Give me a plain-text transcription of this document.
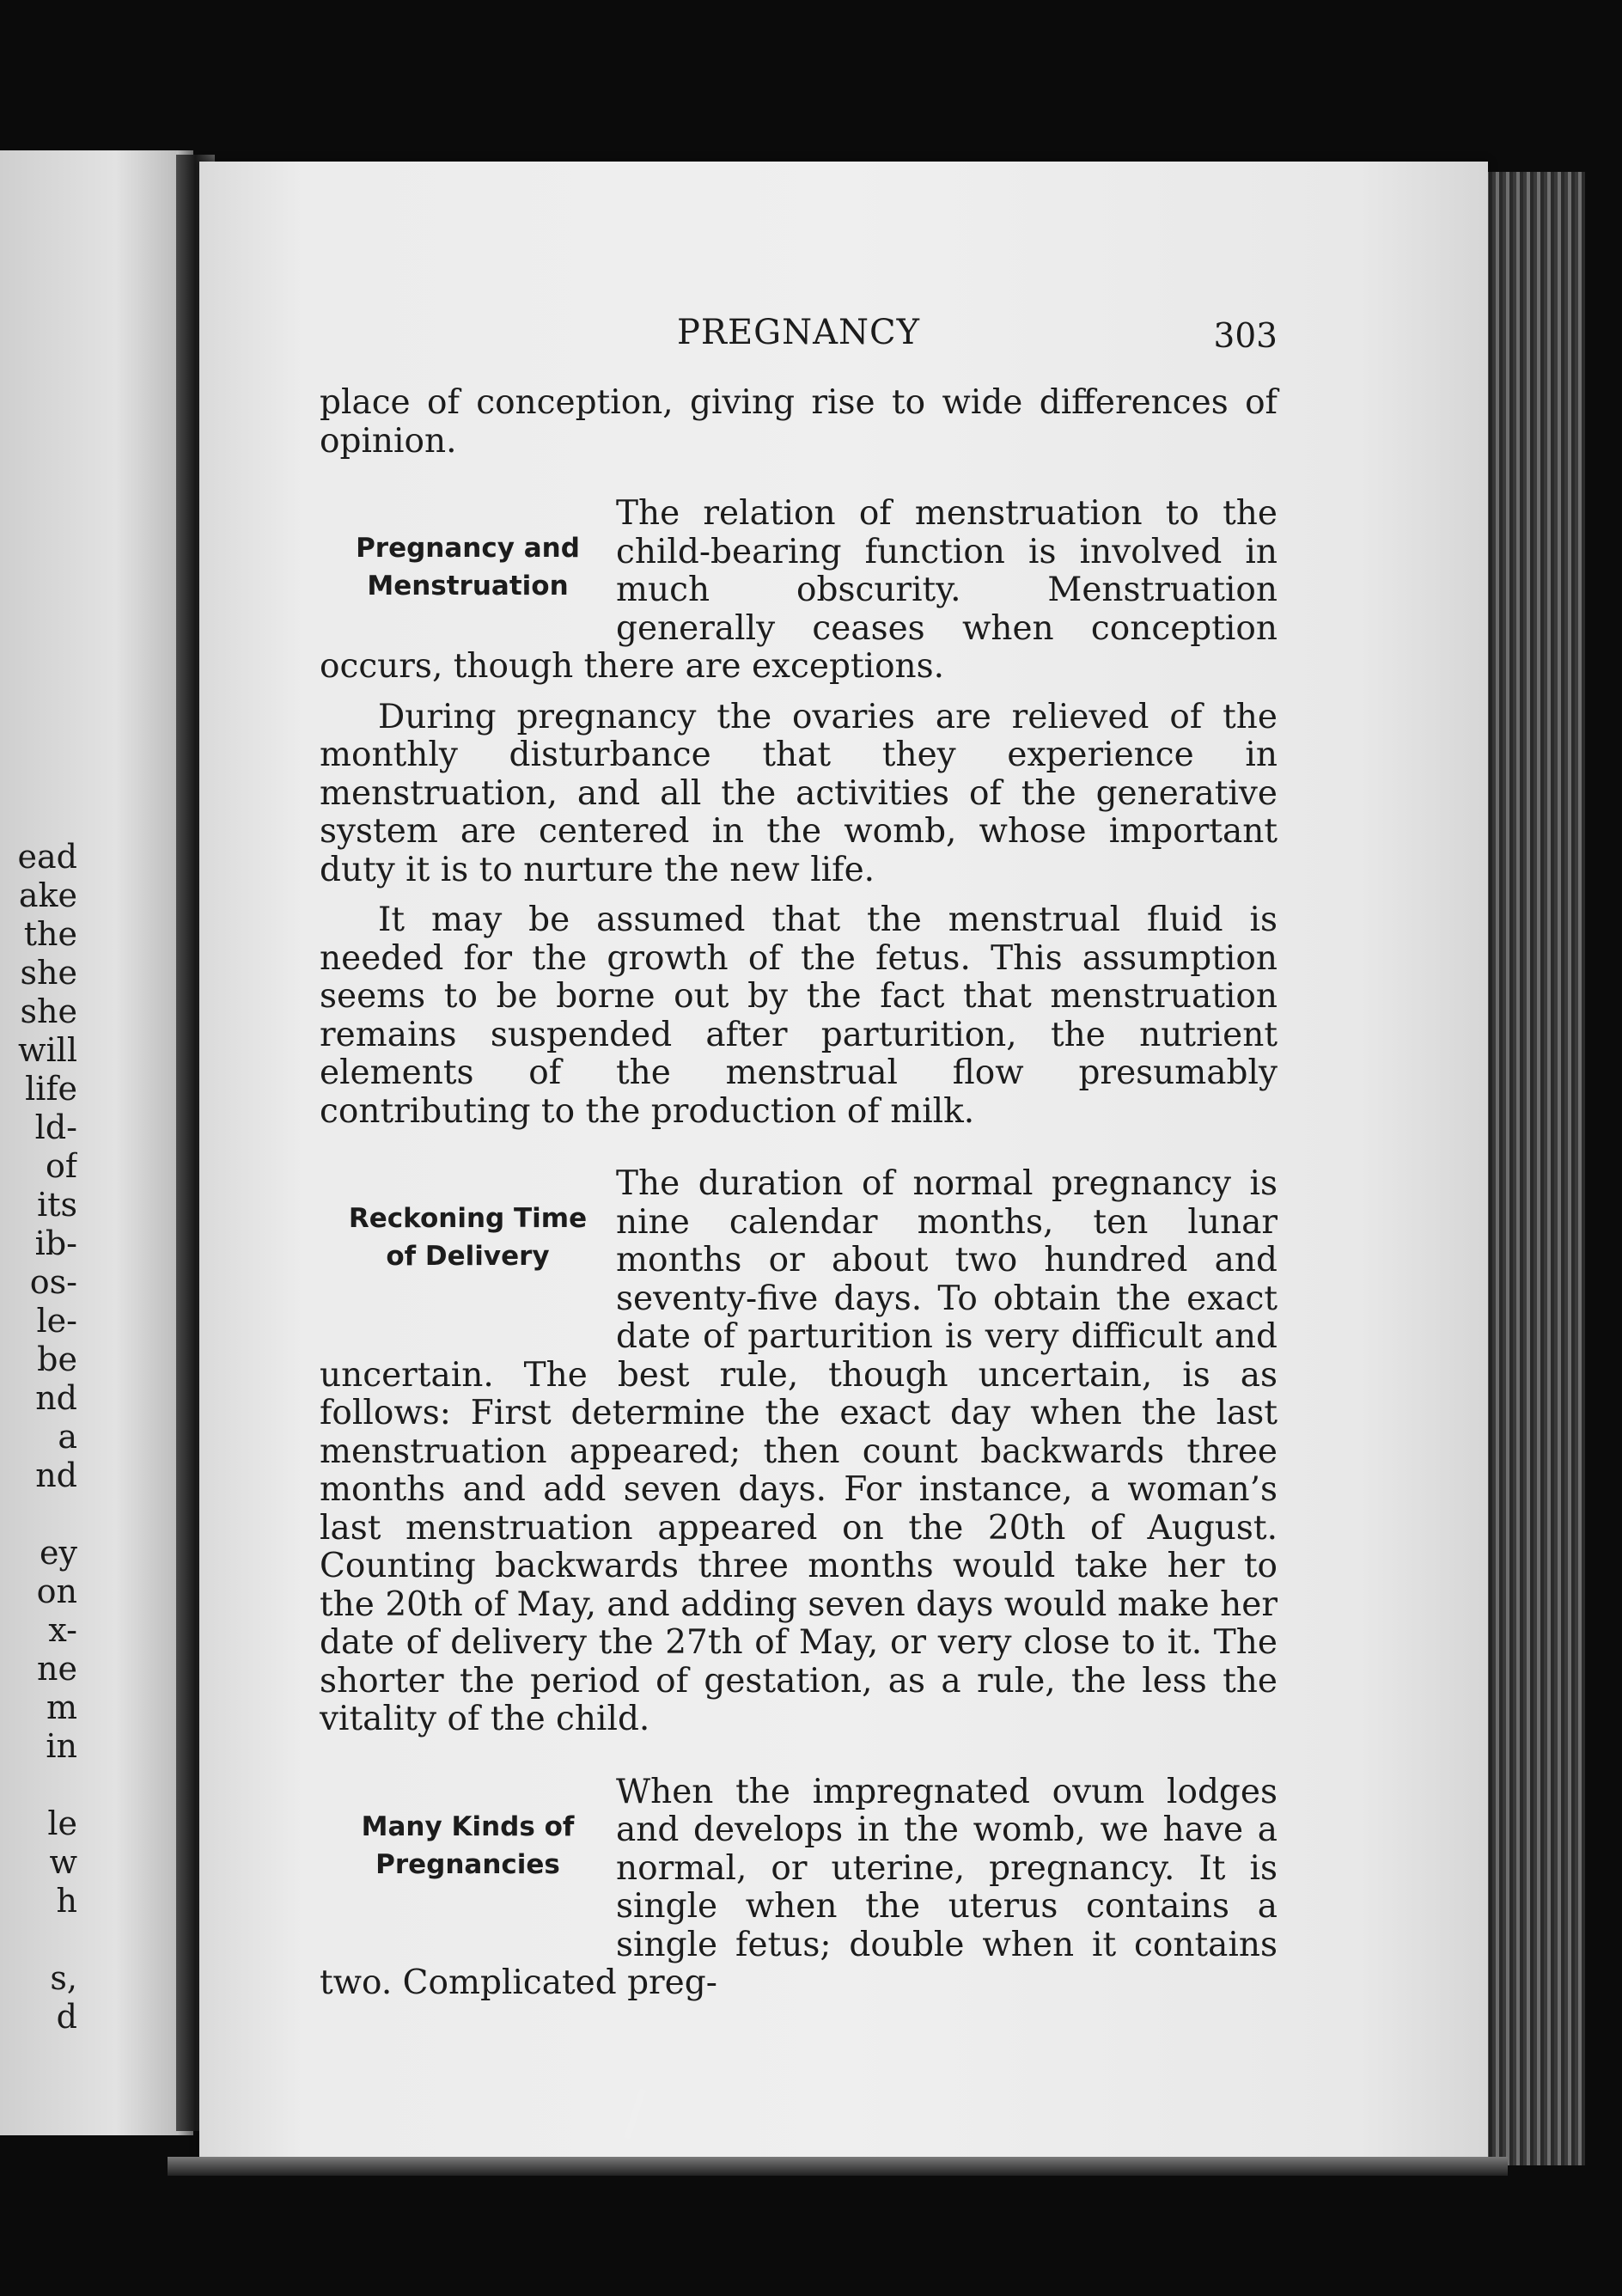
ead
ake
the
she
she
will
life
ld-
of
its
ib-
os-
le-
be
nd
a
nd
ey
on
x-
ne
m
in
le
w
h
s,
d
PREGNANCY	303

place of conception, giving rise to wide differences of opinion.

Pregnancy and
Menstruation

The relation of menstruation to the child-bearing function is involved in much obscurity. Menstruation generally ceases when conception occurs, though there are exceptions.

During pregnancy the ovaries are relieved of the monthly disturbance that they experience in menstruation, and all the activities of the generative system are centered in the womb, whose important duty it is to nurture the new life.

It may be assumed that the menstrual fluid is needed for the growth of the fetus. This assumption seems to be borne out by the fact that menstruation remains suspended after parturition, the nutrient elements of the menstrual flow presumably contributing to the production of milk.

Reckoning Time
of Delivery

The duration of normal pregnancy is nine calendar months, ten lunar months or about two hundred and seventy-five days. To obtain the exact date of parturition is very difficult and uncertain. The best rule, though uncertain, is as follows: First determine the exact day when the last menstruation appeared; then count backwards three months and add seven days. For instance, a woman’s last menstruation appeared on the 20th of August. Counting backwards three months would take her to the 20th of May, and adding seven days would make her date of delivery the 27th of May, or very close to it. The shorter the period of gestation, as a rule, the less the vitality of the child.

Many Kinds of
Pregnancies

When the impregnated ovum lodges and develops in the womb, we have a normal, or uterine, pregnancy. It is single when the uterus contains a single fetus; double when it contains two. Complicated preg-
